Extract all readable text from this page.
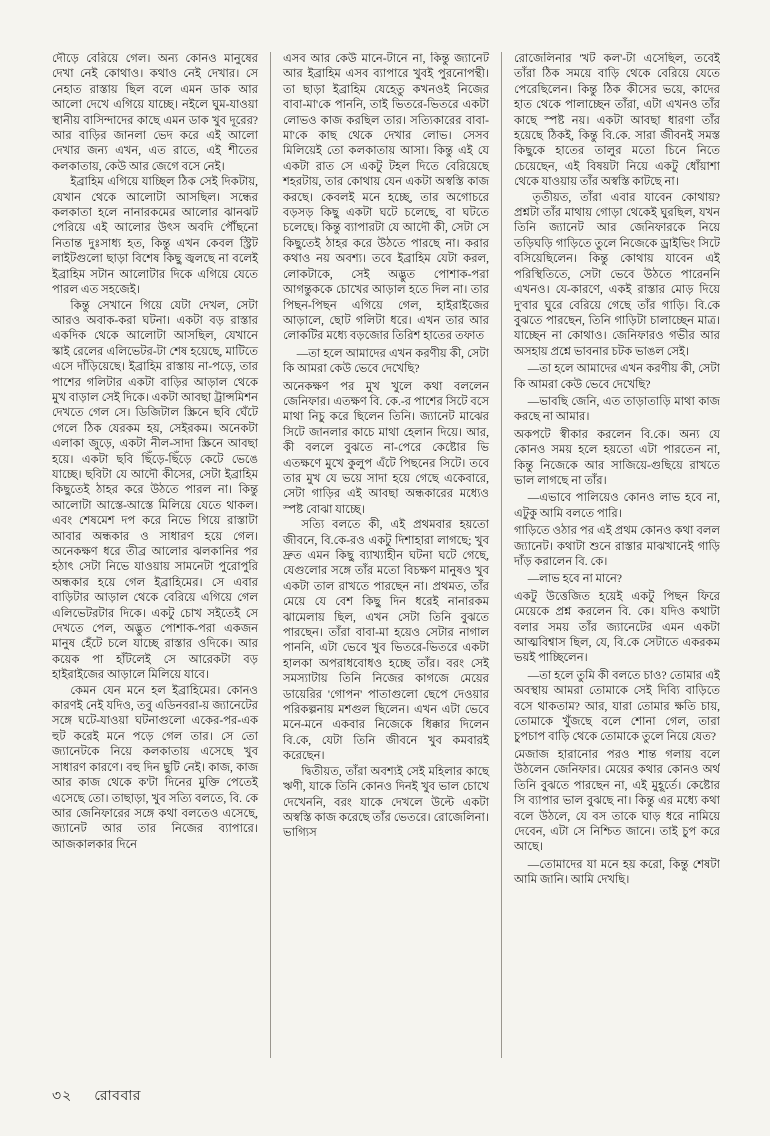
দৌড়ে বেরিয়ে গেল। অন্য কোনও মানুষের দেখা নেই কোথাও। কথাও নেই দেখার। সে নেহাত রাস্তায় ছিল বলে এমন ডাক আর আলো দেখে এগিয়ে যাচ্ছে। নইলে ঘুম-যাওয়া স্থানীয় বাসিন্দাদের কাছে এমন ডাক খুব দূরের? আর বাড়ির জানলা ভেদ করে এই আলো দেখার জন্য এখন, এত রাতে, এই শীতের কলকাতায়, কেউ আর জেগে বসে নেই।

ইব্রাহিম এগিয়ে যাচ্ছিল ঠিক সেই দিকটায়, যেখান থেকে আলোটা আসছিল। সন্ধের কলকাতা হলে নানারকমের আলোর ঝানঝট পেরিয়ে এই আলোর উৎস অবদি পৌঁছনো নিতান্ত দুঃসাধ্য হত, কিন্তু এখন কেবল স্ট্রিট লাইটগুলো ছাড়া বিশেষ কিছু জ্বলছে না বলেই ইব্রাহিম সটান আলোটার দিকে এগিয়ে যেতে পারল এত সহজেই।

কিন্তু সেখানে গিয়ে যেটা দেখল, সেটা আরও অবাক-করা ঘটনা। একটা বড় রাস্তার একদিক থেকে আলোটা আসছিল, যেখানে স্কাই রেলের এলিভেটর-টা শেষ হয়েছে, মাটিতে এসে দাঁড়িয়েছে। ইব্রাহিম রাস্তায় না-পড়ে, তার পাশের গলিটার একটা বাড়ির আড়াল থেকে মুখ বাড়াল সেই দিকে। একটা আবছা ট্রান্সমিশন দেখতে গেল সে। ডিজিটাল স্ক্রিনে ছবি ঘেঁটে গেলে ঠিক যেরকম হয়, সেইরকম। অনেকটা এলাকা জুড়ে, একটা নীল-সাদা স্ক্রিনে আবছা হয়ে। একটা ছবি ছিঁড়ে-ছিঁড়ে কেটে ভেঙে যাচ্ছে। ছবিটা যে আদৌ কীসের, সেটা ইব্রাহিম কিছুতেই ঠাহর করে উঠতে পারল না। কিন্তু আলোটা আস্তে-আস্তে মিলিয়ে যেতে থাকল। এবং শেষমেশ দপ করে নিভে গিয়ে রাস্তাটা আবার অন্ধকার ও সাধারণ হয়ে গেল। অনেকক্ষণ ধরে তীব্র আলোর ঝলকানির পর হঠাৎ সেটা নিভে যাওয়ায় সামনেটা পুরোপুরি অন্ধকার হয়ে গেল ইব্রাহিমের। সে এবার বাড়িটার আড়াল থেকে বেরিয়ে এগিয়ে গেল এলিভেটরটার দিকে। একটু চোখ সইতেই সে দেখতে পেল, অদ্ভুত পোশাক-পরা একজন মানুষ হেঁটে চলে যাচ্ছে রাস্তার ওদিকে। আর কয়েক পা হাঁটলেই সে আরেকটা বড় হাইরাইজের আড়ালে মিলিয়ে যাবে।

কেমন যেন মনে হল ইব্রাহিমের। কোনও কারণই নেই যদিও, তবু এডিনবরা-য় জ্যানেটের সঙ্গে ঘটে-যাওয়া ঘটনাগুলো একের-পর-এক হুট করেই মনে পড়ে গেল তার। সে তো জ্যানেটকে নিয়ে কলকাতায় এসেছে খুব সাধারণ কারণে। বহু দিন ছুটি নেই। কাজ, কাজ আর কাজ থেকে ক'টা দিনের মুক্তি পেতেই এসেছে তো। তাছাড়া, খুব সত্যি বলতে, বি. কে আর জেনিফারের সঙ্গে কথা বলতেও এসেছে, জ্যানেট আর তার নিজের ব্যাপারে। আজকালকার দিনে

এসব আর কেউ মানে-টানে না, কিন্তু জ্যানেট আর ইব্রাহিম এসব ব্যাপারে খুবই পুরনোপন্থী। তা ছাড়া ইব্রাহিম যেহেতু কখনওই নিজের বাবা-মা'কে পাননি, তাই ভিতরে-ভিতরে একটা লোভও কাজ করছিল তার। সত্যিকারের বাবা-মা'কে কাছ থেকে দেখার লোভ। সেসব মিলিয়েই তো কলকাতায় আসা। কিন্তু এই যে একটা রাত সে একটু টহল দিতে বেরিয়েছে শহরটায়, তার কোথায় যেন একটা অস্বস্তি কাজ করছে। কেবলই মনে হচ্ছে, তার অগোচরে বড়সড় কিছু একটা ঘটে চলেছে, বা ঘটতে চলেছে। কিন্তু ব্যাপারটা যে আদৌ কী, সেটা সে কিছুতেই ঠাহর করে উঠতে পারছে না। করার কথাও নয় অবশ্য। তবে ইব্রাহিম যেটা করল, লোকটাকে, সেই অদ্ভুত পোশাক-পরা আগন্তুককে চোখের আড়াল হতে দিল না। তার পিছন-পিছন এগিয়ে গেল, হাইরাইজের আড়ালে, ছোট গলিটা ধরে। এখন তার আর লোকটির মধ্যে বড়জোর তিরিশ হাতের তফাত

—তা হলে আমাদের এখন করণীয় কী, সেটা কি আমরা কেউ ভেবে দেখেছি?

অনেকক্ষণ পর মুখ খুলে কথা বললেন জেনিফার। এতক্ষণ বি. কে.-র পাশের সিটে বসে মাথা নিচু করে ছিলেন তিনি। জ্যানেট মাঝের সিটে জানলার কাচে মাথা হেলান দিয়ে। আর, কী বললে বুঝতে না-পেরে কেষ্টোর ভি এতক্ষণে মুখে কুলুপ এঁটে পিছনের সিটে। তবে তার মুখ যে ভয়ে সাদা হয়ে গেছে একেবারে, সেটা গাড়ির এই আবছা অন্ধকারের মধ্যেও স্পষ্ট বোঝা যাচ্ছে।

সত্যি বলতে কী, এই প্রথমবার হয়তো জীবনে, বি.কে-রও একটু দিশাহারা লাগছে; খুব দ্রুত এমন কিছু ব্যাখ্যাহীন ঘটনা ঘটে গেছে, যেগুলোর সঙ্গে তাঁর মতো বিচক্ষণ মানুষও খুব একটা তাল রাখতে পারছেন না। প্রথমত, তাঁর মেয়ে যে বেশ কিছু দিন ধরেই নানারকম ঝামেলায় ছিল, এখন সেটা তিনি বুঝতে পারছেন। তাঁরা বাবা-মা হয়েও সেটার নাগাল পাননি, এটা ভেবে খুব ভিতরে-ভিতরে একটা হালকা অপরাধবোধও হচ্ছে তাঁর। বরং সেই সমস্যাটায় তিনি নিজের কাগজে মেয়ের ডায়েরির 'গোপন' পাতাগুলো ছেপে দেওয়ার পরিকল্পনায় মশগুল ছিলেন। এখন এটা ভেবে মনে-মনে একবার নিজেকে ধিক্কার দিলেন বি.কে, যেটা তিনি জীবনে খুব কমবারই করেছেন।

দ্বিতীয়ত, তাঁরা অবশ্যই সেই মহিলার কাছে ঋণী, যাকে তিনি কোনও দিনই খুব ভাল চোখে দেখেননি, বরং যাকে দেখলে উল্টে একটা অস্বস্তি কাজ করেছে তাঁর ভেতরে। রোজেলিনা। ভাগ্যিস

রোজেলিনার 'খট কল'-টা এসেছিল, তবেই তাঁরা ঠিক সময়ে বাড়ি থেকে বেরিয়ে যেতে পেরেছিলেন। কিন্তু ঠিক কীসের ভয়ে, কাদের হাত থেকে পালাচ্ছেন তাঁরা, এটা এখনও তাঁর কাছে স্পষ্ট নয়। একটা আবছা ধারণা তাঁর হয়েছে ঠিকই, কিন্তু বি.কে. সারা জীবনই সমস্ত কিছুকে হাতের তালুর মতো চিনে নিতে চেয়েছেন, এই বিষয়টা নিয়ে একটু ধোঁয়াশা থেকে যাওয়ায় তাঁর অস্বস্তি কাটছে না।

তৃতীয়ত, তাঁরা এবার যাবেন কোথায়? প্রশ্নটা তাঁর মাথায় গোড়া থেকেই ঘুরছিল, যখন তিনি জ্যানেট আর জেনিফারকে নিয়ে তড়িঘড়ি গাড়িতে তুলে নিজেকে ড্রাইভিং সিটে বসিয়েছিলেন। কিন্তু কোথায় যাবেন এই পরিস্থিতিতে, সেটা ভেবে উঠতে পারেননি এখনও। যে-কারণে, একই রাস্তার মোড় দিয়ে দু'বার ঘুরে বেরিয়ে গেছে তাঁর গাড়ি। বি.কে বুঝতে পারছেন, তিনি গাড়িটা চালাচ্ছেন মাত্র। যাচ্ছেন না কোথাও। জেনিফারও গভীর আর অসহায় প্রশ্নে ভাবনার চটক ভাঙল সেই।

—তা হলে আমাদের এখন করণীয় কী, সেটা কি আমরা কেউ ভেবে দেখেছি?

—ভাবছি জেনি, এত তাড়াতাড়ি মাথা কাজ করছে না আমার।

অকপটে স্বীকার করলেন বি.কে। অন্য যে কোনও সময় হলে হয়তো এটা পারতেন না, কিন্তু নিজেকে আর সাজিয়ে-গুছিয়ে রাখতে ভাল লাগছে না তাঁর।

—এভাবে পালিয়েও কোনও লাভ হবে না, এটুকু আমি বলতে পারি।

গাড়িতে ওঠার পর এই প্রথম কোনও কথা বলল জ্যানেট। কথাটা শুনে রাস্তার মাঝখানেই গাড়ি দাঁড় করালেন বি. কে।

—লাভ হবে না মানে?

একটু উত্তেজিত হয়েই একটু পিছন ফিরে মেয়েকে প্রশ্ন করলেন বি. কে। যদিও কথাটা বলার সময় তাঁর জ্যানেটের এমন একটা আত্মবিশ্বাস ছিল, যে, বি.কে সেটাতে একরকম ভয়ই পাচ্ছিলেন।

—তা হলে তুমি কী বলতে চাও? তোমার এই অবস্থায় আমরা তোমাকে সেই দিব্যি বাড়িতে বসে থাকতাম? আর, যারা তোমার ক্ষতি চায়, তোমাকে খুঁজছে বলে শোনা গেল, তারা চুপচাপ বাড়ি থেকে তোমাকে তুলে নিয়ে যেত?

মেজাজ হারানোর পরও শান্ত গলায় বলে উঠলেন জেনিফার। মেয়ের কথার কোনও অর্থ তিনি বুঝতে পারছেন না, এই মুহূর্তে। কেষ্টোর সি ব্যাপার ভাল বুঝছে না। কিন্তু এর মধ্যে কথা বলে উঠলে, যে বস তাকে ঘাড় ধরে নামিয়ে দেবেন, এটা সে নিশ্চিত জানে। তাই চুপ করে আছে।

—তোমাদের যা মনে হয় করো, কিন্তু শেষটা আমি জানি। আমি দেখছি।

৩২ রোববার
